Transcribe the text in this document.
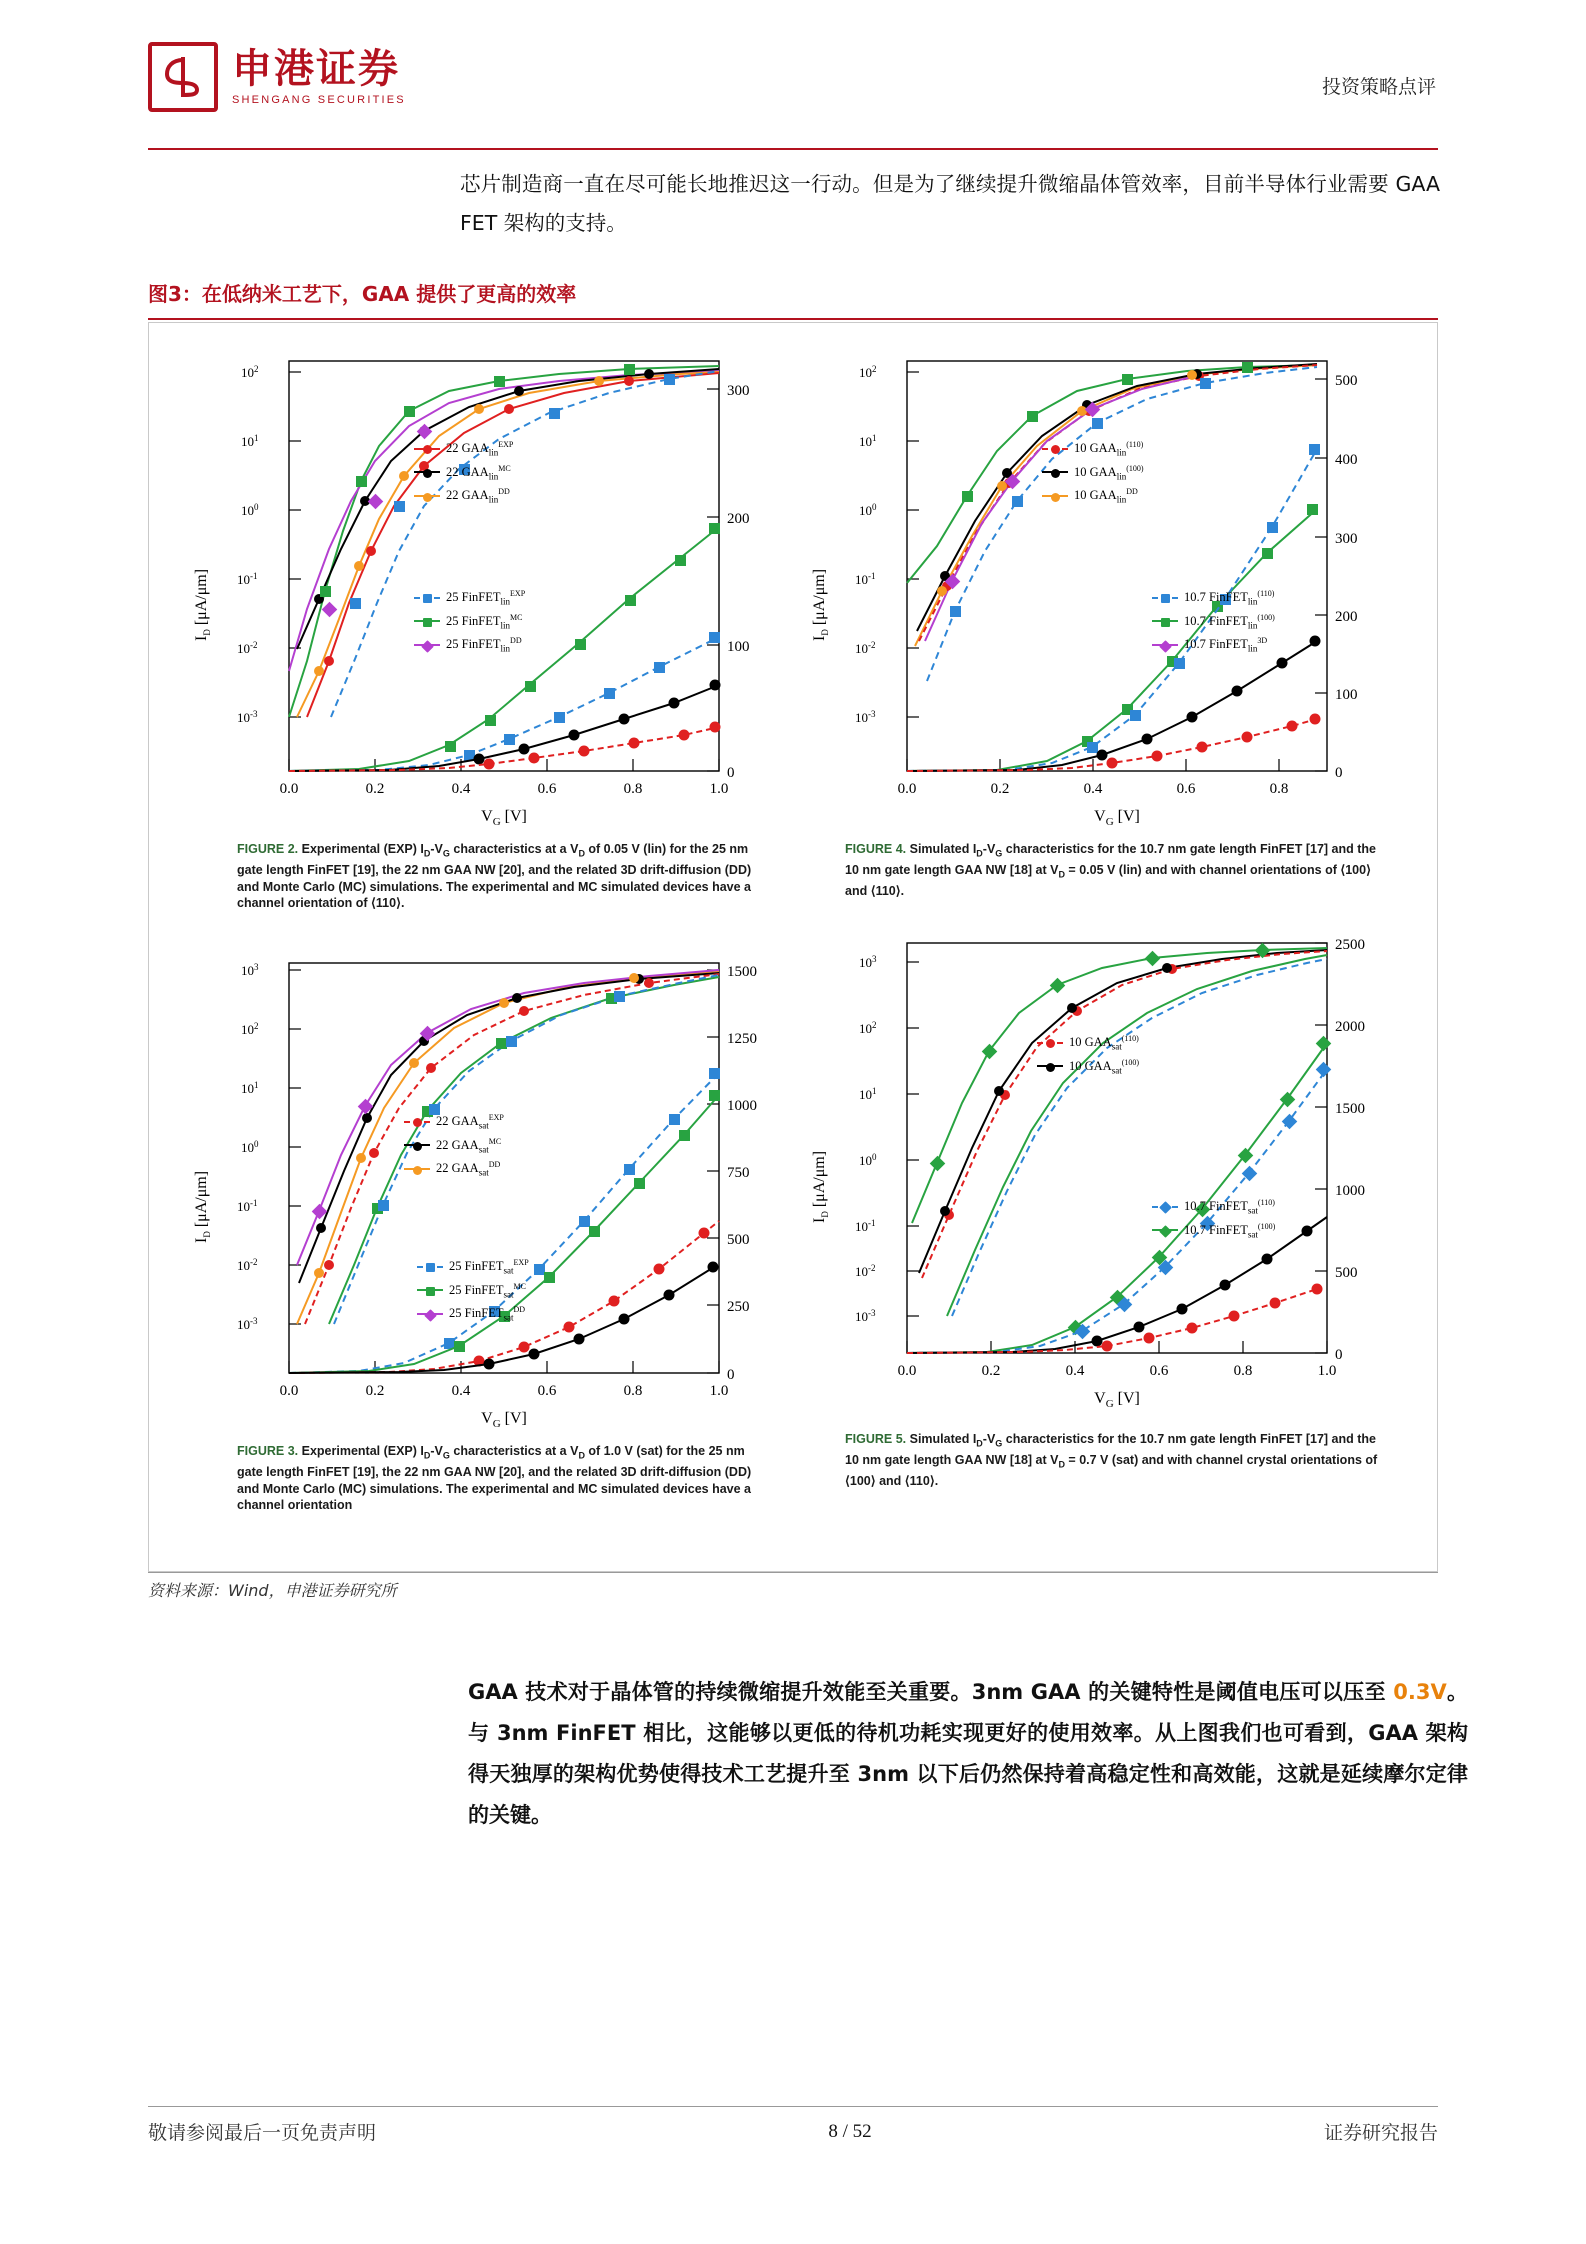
申港证券
SHENGANG SECURITIES
投资策略点评
芯片制造商一直在尽可能长地推迟这一行动。但是为了继续提升微缩晶体管效率，目前半导体行业需要 GAA FET 架构的支持。
图3：在低纳米工艺下，GAA 提供了更高的效率
$I_D$ [μA/μm]
$10^2$
$10^1$
$10^0$
$10^{-1}$
$10^{-2}$
$10^{-3}$
300
200
100
0
0.0	0.2	0.4	0.6	0.8	1.0
$V_G$ [V]
22 $GAA_{lin}^{EXP}$
22 $GAA_{lin}^{MC}$
22 $GAA_{lin}^{DD}$
25 FinFET$_{lin}^{EXP}$
25 FinFET$_{lin}^{MC}$
25 FinFET$_{lin}^{DD}$
FIGURE 2. Experimental (EXP) $I_D-V_G$ characteristics at a $V_D$ of 0.05 V (lin) for the 25 nm gate length FinFET [19], the 22 nm GAA NW [20], and the related 3D drift-diffusion (DD) and Monte Carlo (MC) simulations. The experimental and MC simulated devices have a channel orientation of ⟨110⟩.
$I_D$ [μA/μm]
$10^2$
$10^1$
$10^0$
$10^{-1}$
$10^{-2}$
$10^{-3}$
500
400
300
200
100
0
0.0	0.2	0.4	0.6	0.8
$V_G$ [V]
10 $GAA_{lin}^{(110)}$
10 $GAA_{lin}^{(100)}$
10 $GAA_{lin}^{DD}$
10.7 FinFET$_{lin}^{(110)}$
10.7 FinFET$_{lin}^{(100)}$
10.7 FinFET$_{lin}^{3D}$
FIGURE 4. Simulated $I_D-V_G$ characteristics for the 10.7 nm gate length FinFET [17] and the 10 nm gate length GAA NW [18] at $V_D = 0.05$ V (lin) and with channel orientations of ⟨100⟩ and ⟨110⟩.
$I_D$ [μA/μm]
$10^3$
$10^2$
$10^1$
$10^0$
$10^{-1}$
$10^{-2}$
$10^{-3}$
1500
1250
1000
750
500
250
0
0.0	0.2	0.4	0.6	0.8	1.0
$V_G$ [V]
22 $GAA_{sat}^{EXP}$
22 $GAA_{sat}^{MC}$
22 $GAA_{sat}^{DD}$
25 FinFET$_{sat}^{EXP}$
25 FinFET$_{sat}^{MC}$
25 FinFET$_{sat}^{DD}$
FIGURE 3. Experimental (EXP) $I_D-V_G$ characteristics at a $V_D$ of 1.0 V (sat) for the 25 nm gate length FinFET [19], the 22 nm GAA NW [20], and the related 3D drift-diffusion (DD) and Monte Carlo (MC) simulations. The experimental and MC simulated devices have a channel orientation
$I_D$ [μA/μm]
$10^3$
$10^2$
$10^1$
$10^0$
$10^{-1}$
$10^{-2}$
$10^{-3}$
2500
2000
1500
1000
500
0
0.0	0.2	0.4	0.6	0.8	1.0
$V_G$ [V]
10 $GAA_{sat}^{(110)}$
10 $GAA_{sat}^{(100)}$
10.7 FinFET$_{sat}^{(110)}$
10.7 FinFET$_{sat}^{(100)}$
FIGURE 5. Simulated $I_D-V_G$ characteristics for the 10.7 nm gate length FinFET [17] and the 10 nm gate length GAA NW [18] at $V_D = 0.7$ V (sat) and with channel crystal orientations of ⟨100⟩ and ⟨110⟩.
资料来源：Wind，申港证券研究所
GAA 技术对于晶体管的持续微缩提升效能至关重要。3nm GAA 的关键特性是阈值电压可以压至 0.3V。与 3nm FinFET 相比，这能够以更低的待机功耗实现更好的使用效率。从上图我们也可看到，GAA 架构得天独厚的架构优势使得技术工艺提升至 3nm 以下后仍然保持着高稳定性和高效能，这就是延续摩尔定律的关键。
敬请参阅最后一页免责声明	8 / 52	证券研究报告
